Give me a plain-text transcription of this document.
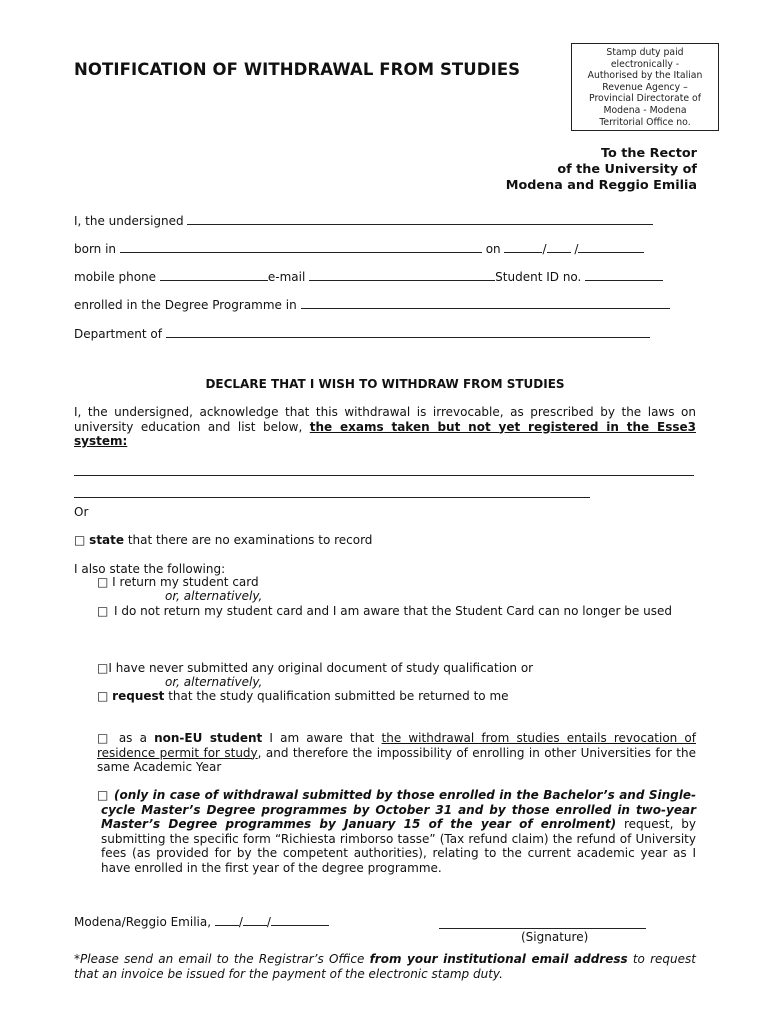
NOTIFICATION OF WITHDRAWAL FROM STUDIES
Stamp duty paid
electronically -
Authorised by the Italian
Revenue Agency –
Provincial Directorate of
Modena - Modena
Territorial Office no.
To the Rector
of the University of
Modena and Reggio Emilia
I, the undersigned
born in	on	/ /
mobile phone	e-mail	Student ID no.
enrolled in the Degree Programme in
Department of
DECLARE THAT I WISH TO WITHDRAW FROM STUDIES
I, the undersigned, acknowledge that this withdrawal is irrevocable, as prescribed by the laws on university education and list below, the exams taken but not yet registered in the Esse3 system:
Or
□ state that there are no examinations to record
I also state the following:
□ I return my student card
or, alternatively,
□ I do not return my student card and I am aware that the Student Card can no longer be used
□I have never submitted any original document of study qualification or
or, alternatively,
□ request that the study qualification submitted be returned to me
□ as a non-EU student I am aware that the withdrawal from studies entails revocation of residence permit for study, and therefore the impossibility of enrolling in other Universities for the same Academic Year
□ (only in case of withdrawal submitted by those enrolled in the Bachelor’s and Single-cycle Master’s Degree programmes by October 31 and by those enrolled in two-year Master’s Degree programmes by January 15 of the year of enrolment) request, by submitting the specific form “Richiesta rimborso tasse” (Tax refund claim) the refund of University fees (as provided for by the competent authorities), relating to the current academic year as I have enrolled in the first year of the degree programme.
Modena/Reggio Emilia, / /
(Signature)
*Please send an email to the Registrar’s Office from your institutional email address to request that an invoice be issued for the payment of the electronic stamp duty.
